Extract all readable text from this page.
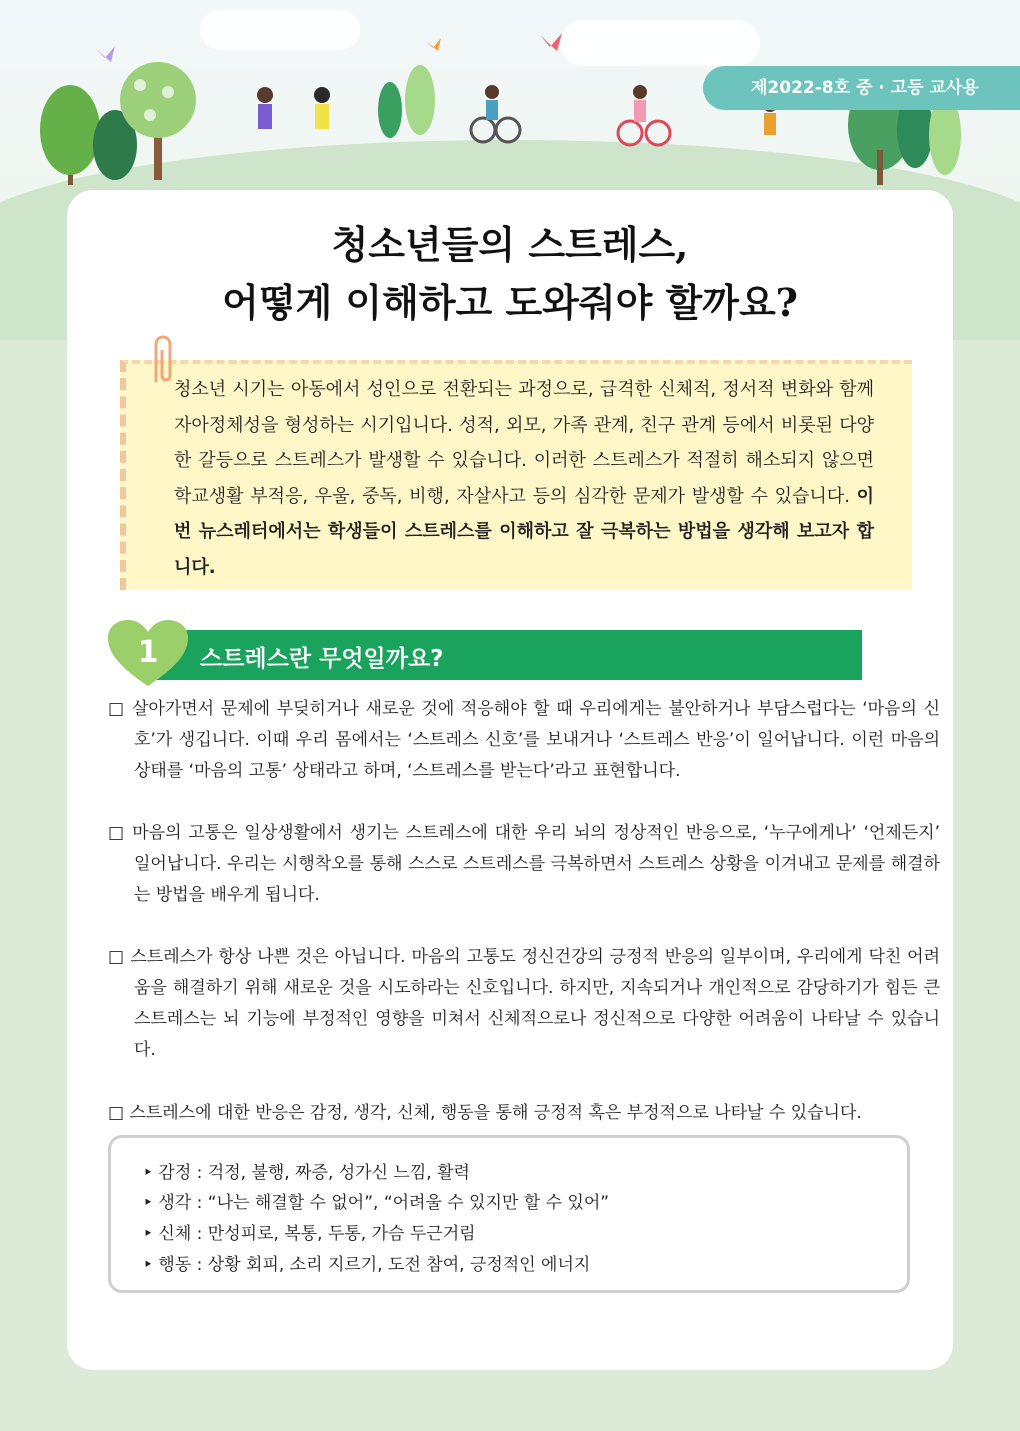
제2022-8호 중 · 고등 교사용
청소년들의 스트레스,
어떻게 이해하고 도와줘야 할까요?

청소년 시기는 아동에서 성인으로 전환되는 과정으로, 급격한 신체적, 정서적 변화와 함께 자아정체성을 형성하는 시기입니다. 성적, 외모, 가족 관계, 친구 관계 등에서 비롯된 다양한 갈등으로 스트레스가 발생할 수 있습니다. 이러한 스트레스가 적절히 해소되지 않으면 학교생활 부적응, 우울, 중독, 비행, 자살사고 등의 심각한 문제가 발생할 수 있습니다. 이번 뉴스레터에서는 학생들이 스트레스를 이해하고 잘 극복하는 방법을 생각해 보고자 합니다.

1	스트레스란 무엇일까요?

□ 살아가면서 문제에 부딪히거나 새로운 것에 적응해야 할 때 우리에게는 불안하거나 부담스럽다는 ‘마음의 신호’가 생깁니다. 이때 우리 몸에서는 ‘스트레스 신호’를 보내거나 ‘스트레스 반응’이 일어납니다. 이런 마음의 상태를 ‘마음의 고통’ 상태라고 하며, ‘스트레스를 받는다’라고 표현합니다.

□ 마음의 고통은 일상생활에서 생기는 스트레스에 대한 우리 뇌의 정상적인 반응으로, ‘누구에게나’ ‘언제든지’ 일어납니다. 우리는 시행착오를 통해 스스로 스트레스를 극복하면서 스트레스 상황을 이겨내고 문제를 해결하는 방법을 배우게 됩니다.

□ 스트레스가 항상 나쁜 것은 아닙니다. 마음의 고통도 정신건강의 긍정적 반응의 일부이며, 우리에게 닥친 어려움을 해결하기 위해 새로운 것을 시도하라는 신호입니다. 하지만, 지속되거나 개인적으로 감당하기가 힘든 큰 스트레스는 뇌 기능에 부정적인 영향을 미쳐서 신체적으로나 정신적으로 다양한 어려움이 나타날 수 있습니다.

□ 스트레스에 대한 반응은 감정, 생각, 신체, 행동을 통해 긍정적 혹은 부정적으로 나타날 수 있습니다.

‣ 감정 : 걱정, 불행, 짜증, 성가신 느낌, 활력
‣ 생각 : “나는 해결할 수 없어”, “어려울 수 있지만 할 수 있어”
‣ 신체 : 만성피로, 복통, 두통, 가슴 두근거림
‣ 행동 : 상황 회피, 소리 지르기, 도전 참여, 긍정적인 에너지
